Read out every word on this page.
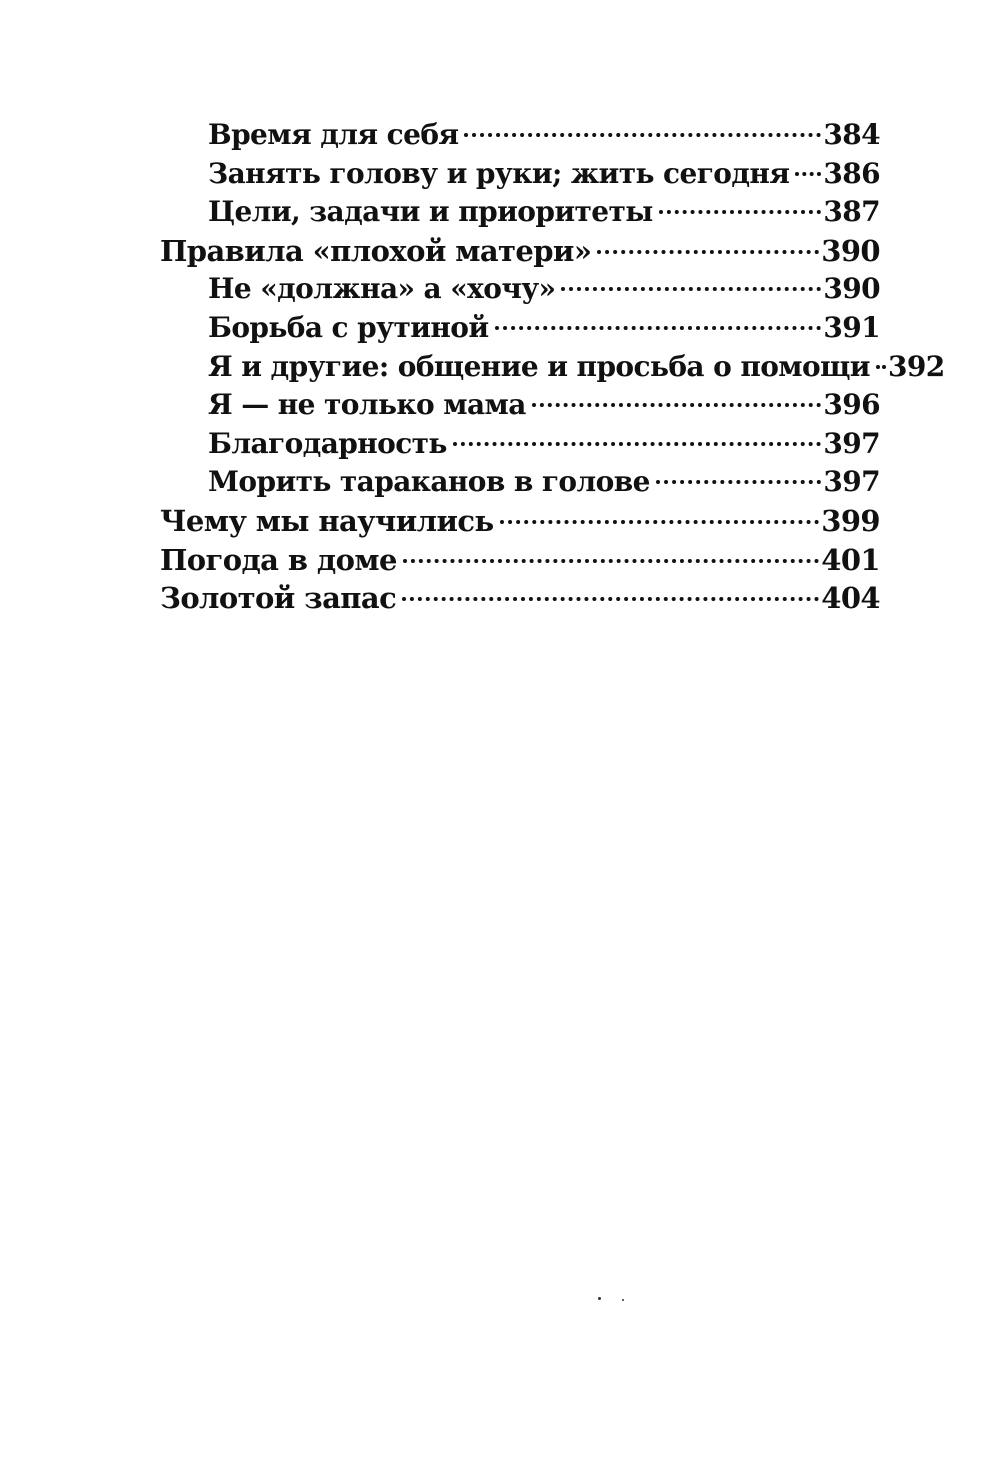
Время для себя	384
Занять голову и руки; жить сегодня 386
Цели, задачи и приоритеты	387
Правила «плохой матери»	390
Не «должна» а «хочу»	390
Борьба с рутиной	391
Я и другие: общение и просьба о помощи 392
Я — не только мама	396
Благодарность	397
Морить тараканов в голове	397
Чему мы научились	399
Погода в доме	401
Золотой запас	404
